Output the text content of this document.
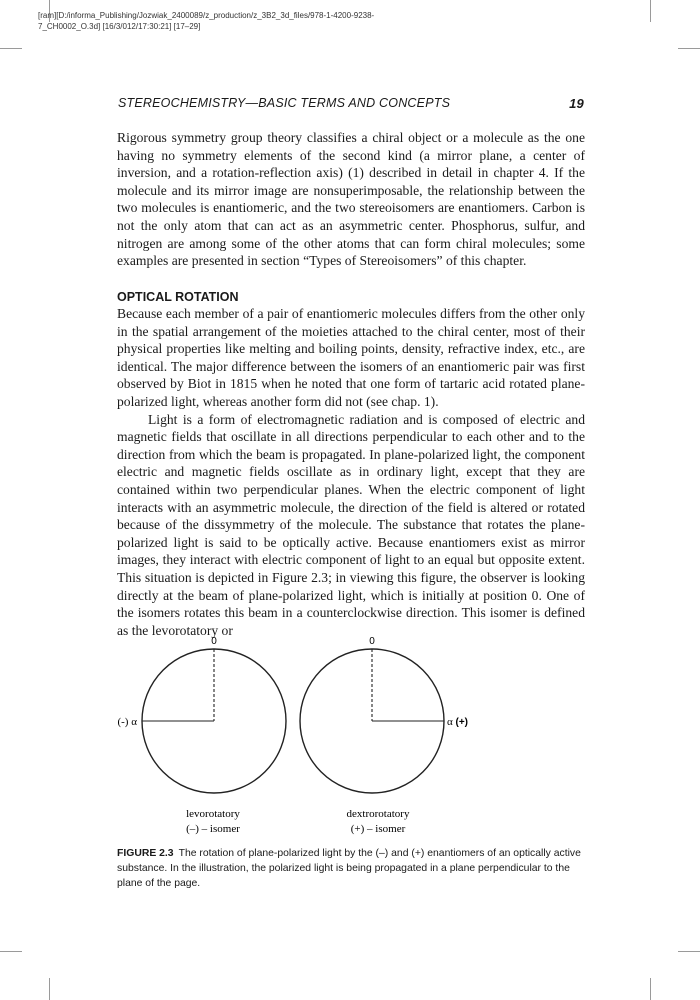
[ram][D:/informa_Publishing/Jozwiak_2400089/z_production/z_3B2_3d_files/978-1-4200-9238-7_CH0002_O.3d] [16/3/012/17:30:21] [17–29]
STEREOCHEMISTRY—BASIC TERMS AND CONCEPTS	19

Rigorous symmetry group theory classifies a chiral object or a molecule as the one having no symmetry elements of the second kind (a mirror plane, a center of inversion, and a rotation-reflection axis) (1) described in detail in chapter 4. If the molecule and its mirror image are nonsuperimposable, the relationship between the two molecules is enantiomeric, and the two stereoisomers are enantiomers. Carbon is not the only atom that can act as an asymmetric center. Phosphorus, sulfur, and nitrogen are among some of the other atoms that can form chiral molecules; some examples are presented in section “Types of Stereoisomers” of this chapter.

OPTICAL ROTATION

Because each member of a pair of enantiomeric molecules differs from the other only in the spatial arrangement of the moieties attached to the chiral center, most of their physical properties like melting and boiling points, density, refractive index, etc., are identical. The major difference between the isomers of an enantiomeric pair was first observed by Biot in 1815 when he noted that one form of tartaric acid rotated plane-polarized light, whereas another form did not (see chap. 1).

Light is a form of electromagnetic radiation and is composed of electric and magnetic fields that oscillate in all directions perpendicular to each other and to the direction from which the beam is propagated. In plane-polarized light, the component electric and magnetic fields oscillate as in ordinary light, except that they are contained within two perpendicular planes. When the electric component of light interacts with an asymmetric molecule, the direction of the field is altered or rotated because of the dissymmetry of the molecule. The substance that rotates the plane-polarized light is said to be optically active. Because enantiomers exist as mirror images, they interact with electric component of light to an equal but opposite extent. This situation is depicted in Figure 2.3; in viewing this figure, the observer is looking directly at the beam of plane-polarized light, which is initially at position 0. One of the isomers rotates this beam in a counterclockwise direction. This isomer is defined as the levorotatory or

0
(-) α
levorotatory
(–) – isomer
0
α (+)
dextrorotatory
(+) – isomer
FIGURE 2.3 The rotation of plane-polarized light by the (–) and (+) enantiomers of an optically active substance. In the illustration, the polarized light is being propagated in a plane perpendicular to the plane of the page.
